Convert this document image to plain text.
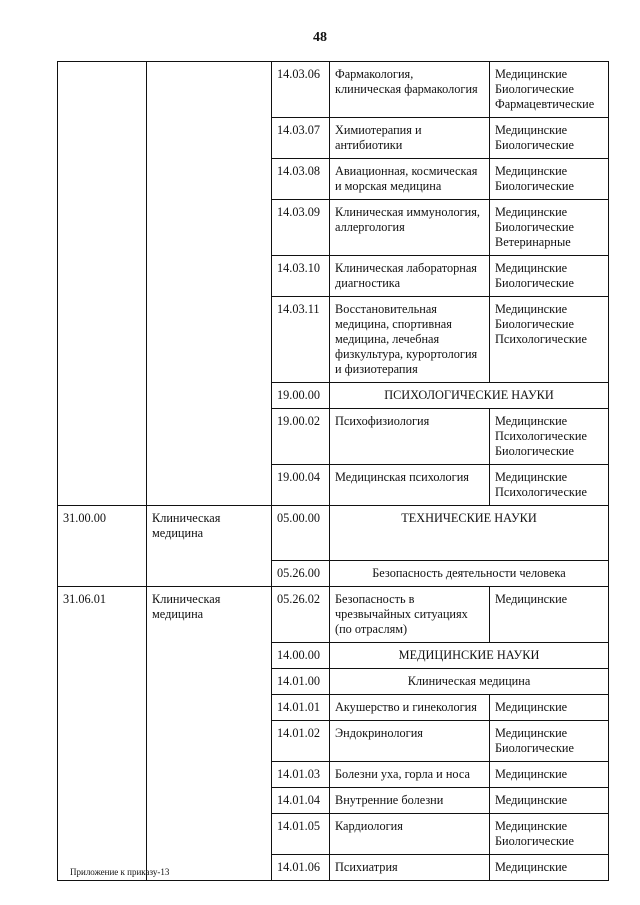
48
		14.03.06	Фармакология,
клиническая фармакология	Медицинские
Биологические
Фармацевтические

		14.03.07	Химиотерапия и
антибиотики	Медицинские
Биологические

		14.03.08	Авиационная, космическая
и морская медицина	Медицинские
Биологические

		14.03.09	Клиническая иммунология,
аллергология	Медицинские
Биологические
Ветеринарные

		14.03.10	Клиническая лабораторная
диагностика	Медицинские
Биологические

		14.03.11	Восстановительная
медицина, спортивная
медицина, лечебная
физкультура, курортология
и физиотерапия	Медицинские
Биологические
Психологические

		19.00.00	ПСИХОЛОГИЧЕСКИЕ НАУКИ	
		19.00.02	Психофизиология	Медицинские
Психологические
Биологические

		19.00.04	Медицинская психология	Медицинские
Психологические

31.00.00	Клиническая
медицина	05.00.00	ТЕХНИЧЕСКИЕ НАУКИ	
		05.26.00	Безопасность деятельности человека	
31.06.01	Клиническая
медицина	05.26.02	Безопасность в
чрезвычайных ситуациях
(по отраслям)	Медицинские

		14.00.00	МЕДИЦИНСКИЕ НАУКИ	
		14.01.00	Клиническая медицина	
		14.01.01	Акушерство и гинекология	Медицинские

		14.01.02	Эндокринология	Медицинские
Биологические

		14.01.03	Болезни уха, горла и носа	Медицинские

		14.01.04	Внутренние болезни	Медицинские

		14.01.05	Кардиология	Медицинские
Биологические

		14.01.06	Психиатрия	Медицинские
Приложение к приказу-13
